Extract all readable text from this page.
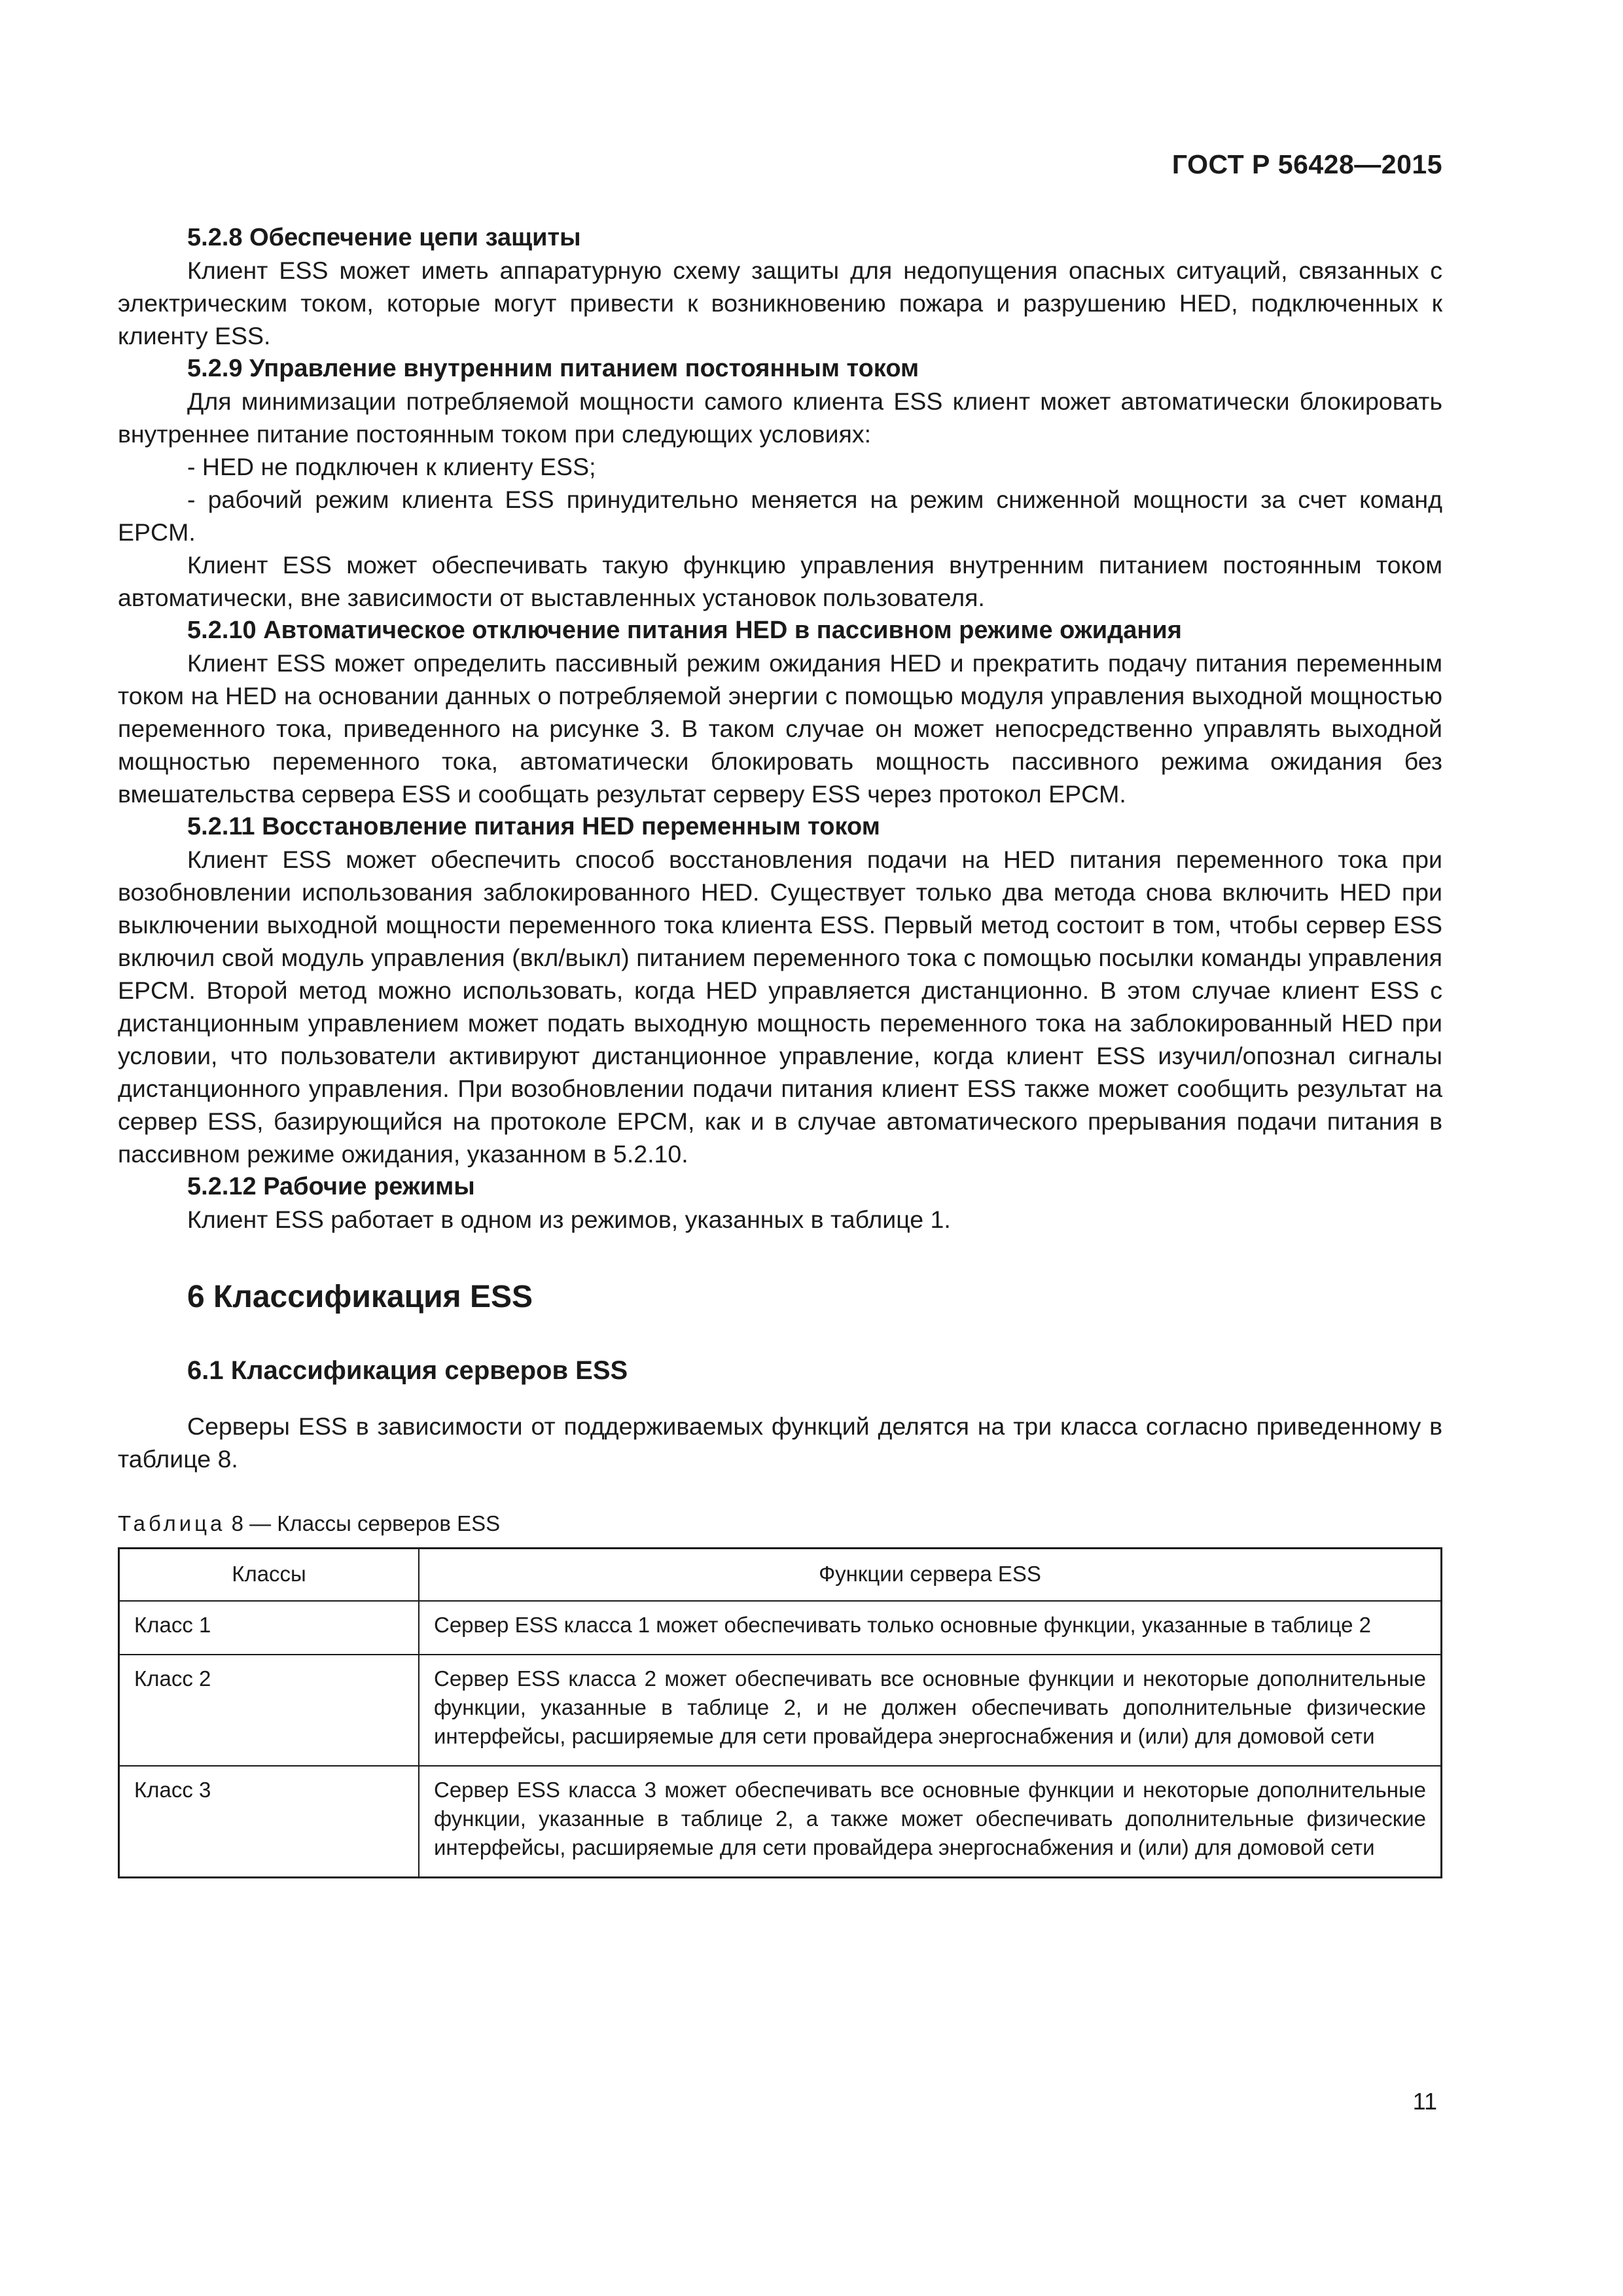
ГОСТ Р 56428—2015

5.2.8 Обеспечение цепи защиты

Клиент ESS может иметь аппаратурную схему защиты для недопущения опасных ситуаций, связанных с электрическим током, которые могут привести к возникновению пожара и разрушению HED, подключенных к клиенту ESS.

5.2.9 Управление внутренним питанием постоянным током

Для минимизации потребляемой мощности самого клиента ESS клиент может автоматически блокировать внутреннее питание постоянным током при следующих условиях:

- HED не подключен к клиенту ESS;

- рабочий режим клиента ESS принудительно меняется на режим сниженной мощности за счет команд EPCM.

Клиент ESS может обеспечивать такую функцию управления внутренним питанием постоянным током автоматически, вне зависимости от выставленных установок пользователя.

5.2.10 Автоматическое отключение питания HED в пассивном режиме ожидания

Клиент ESS может определить пассивный режим ожидания HED и прекратить подачу питания переменным током на HED на основании данных о потребляемой энергии с помощью модуля управления выходной мощностью переменного тока, приведенного на рисунке 3. В таком случае он может непосредственно управлять выходной мощностью переменного тока, автоматически блокировать мощность пассивного режима ожидания без вмешательства сервера ESS и сообщать результат серверу ESS через протокол EPCM.

5.2.11 Восстановление питания HED переменным током

Клиент ESS может обеспечить способ восстановления подачи на HED питания переменного тока при возобновлении использования заблокированного HED. Существует только два метода снова включить HED при выключении выходной мощности переменного тока клиента ESS. Первый метод состоит в том, чтобы сервер ESS включил свой модуль управления (вкл/выкл) питанием переменного тока с помощью посылки команды управления EPCM. Второй метод можно использовать, когда HED управляется дистанционно. В этом случае клиент ESS с дистанционным управлением может подать выходную мощность переменного тока на заблокированный HED при условии, что пользователи активируют дистанционное управление, когда клиент ESS изучил/опознал сигналы дистанционного управления. При возобновлении подачи питания клиент ESS также может сообщить результат на сервер ESS, базирующийся на протоколе EPCM, как и в случае автоматического прерывания подачи питания в пассивном режиме ожидания, указанном в 5.2.10.

5.2.12 Рабочие режимы

Клиент ESS работает в одном из режимов, указанных в таблице 1.

6 Классификация ESS

6.1 Классификация серверов ESS

Серверы ESS в зависимости от поддерживаемых функций делятся на три класса согласно приведенному в таблице 8.

Таблица 8 — Классы серверов ESS

Классы	Функции сервера ESS
Класс 1	Сервер ESS класса 1 может обеспечивать только основные функции, указанные в таблице 2
Класс 2	Сервер ESS класса 2 может обеспечивать все основные функции и некоторые дополнительные функции, указанные в таблице 2, и не должен обеспечивать дополнительные физические интерфейсы, расширяемые для сети провайдера энергоснабжения и (или) для домовой сети
Класс 3	Сервер ESS класса 3 может обеспечивать все основные функции и некоторые дополнительные функции, указанные в таблице 2, а также может обеспечивать дополнительные физические интерфейсы, расширяемые для сети провайдера энергоснабжения и (или) для домовой сети
11
